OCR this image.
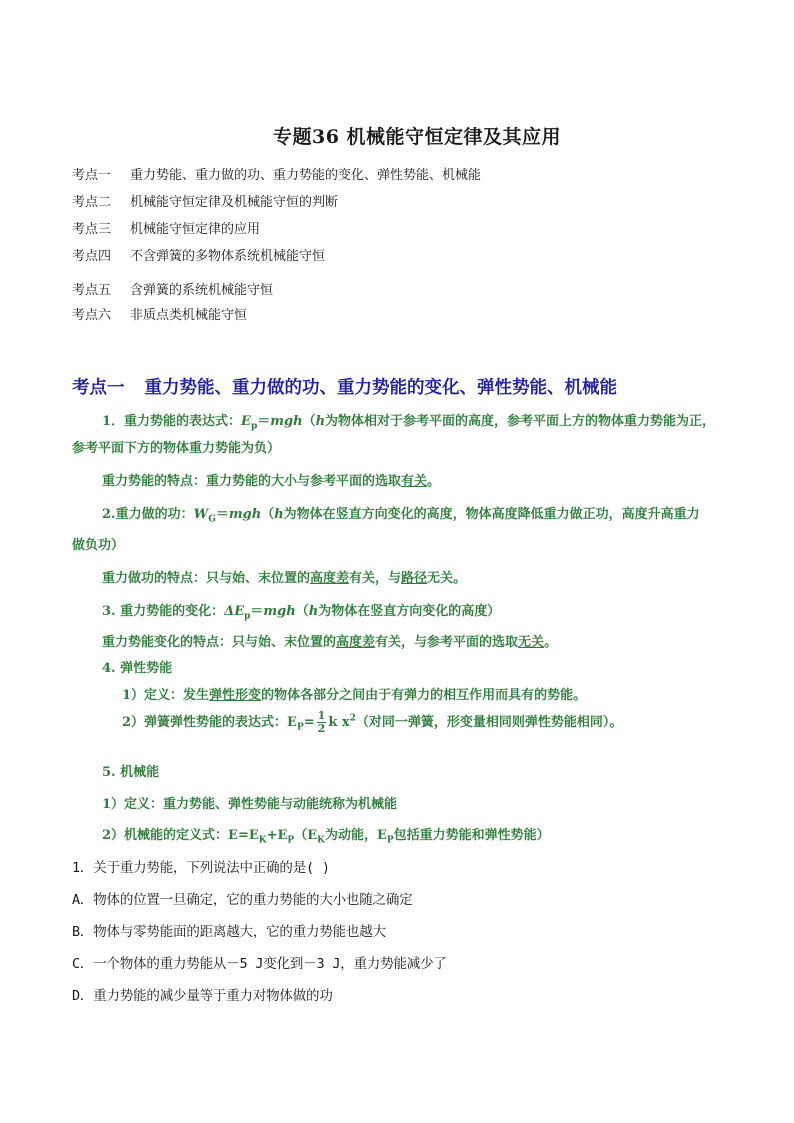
专题36 机械能守恒定律及其应用
考点一 重力势能、重力做的功、重力势能的变化、弹性势能、机械能
考点二 机械能守恒定律及机械能守恒的判断
考点三 机械能守恒定律的应用
考点四 不含弹簧的多物体系统机械能守恒
考点五 含弹簧的系统机械能守恒
考点六 非质点类机械能守恒
考点一 重力势能、重力做的功、重力势能的变化、弹性势能、机械能
1．重力势能的表达式：$E_p=mgh(h$为物体相对于参考平面的高度，参考平面上方的物体重力势能为正，
参考平面下方的物体重力势能为负）
重力势能的特点：重力势能的大小与参考平面的选取有关。
2.重力做的功：$W_G=mgh(h$为物体在竖直方向变化的高度，物体高度降低重力做正功，高度升高重力
做负功）
重力做功的特点：只与始、末位置的高度差有关，与路径无关。
3. 重力势能的变化：$\Delta E_p=mgh(h$为物体在竖直方向变化的高度）
重力势能变化的特点：只与始、末位置的高度差有关，与参考平面的选取无关。
4. 弹性势能
1）定义：发生弹性形变的物体各部分之间由于有弹力的相互作用而具有的势能。
2）弹簧弹性势能的表达式：$E_P= \frac{1}{2}$ k $x^2$（对同一弹簧，形变量相同则弹性势能相同）。
5. 机械能
1）定义：重力势能、弹性势能与动能统称为机械能
2）机械能的定义式：$E=E_K+E_P(E_K$为动能，$E_P$包括重力势能和弹性势能）
1．关于重力势能，下列说法中正确的是( )
A．物体的位置一旦确定，它的重力势能的大小也随之确定
B．物体与零势能面的距离越大，它的重力势能也越大
C．一个物体的重力势能从－5 J变化到－3 J，重力势能减少了
D．重力势能的减少量等于重力对物体做的功
